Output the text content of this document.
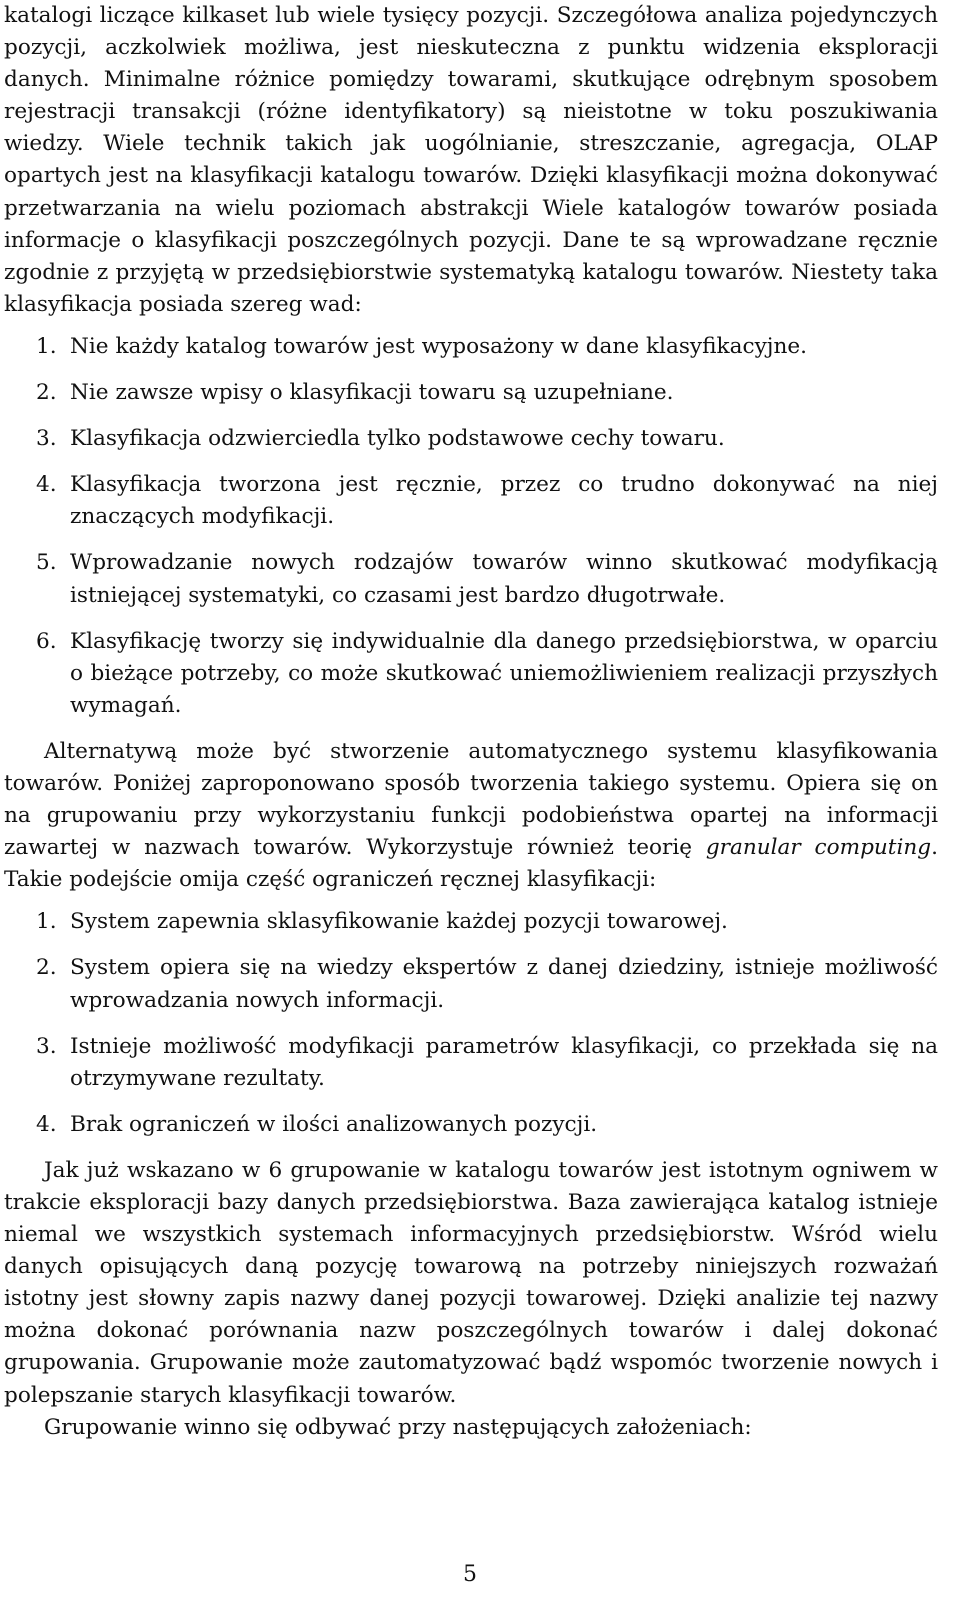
katalogi liczące kilkaset lub wiele tysięcy pozycji. Szczegółowa analiza pojedynczych pozycji, aczkolwiek możliwa, jest nieskuteczna z punktu widzenia eksploracji danych. Minimalne różnice pomiędzy towarami, skutkujące odrębnym sposobem rejestracji transakcji (różne identyfikatory) są nieistotne w toku poszukiwania wiedzy. Wiele technik takich jak uogólnianie, streszczanie, agregacja, OLAP opartych jest na klasyfikacji katalogu towarów. Dzięki klasyfikacji można dokonywać przetwarzania na wielu poziomach abstrakcji Wiele katalogów towarów posiada informacje o klasyfikacji poszczególnych pozycji. Dane te są wprowadzane ręcznie zgodnie z przyjętą w przedsiębiorstwie systematyką katalogu towarów. Niestety taka klasyfikacja posiada szereg wad:

1. Nie każdy katalog towarów jest wyposażony w dane klasyfikacyjne.
2. Nie zawsze wpisy o klasyfikacji towaru są uzupełniane.
3. Klasyfikacja odzwierciedla tylko podstawowe cechy towaru.
4. Klasyfikacja tworzona jest ręcznie, przez co trudno dokonywać na niej znaczących modyfikacji.
5. Wprowadzanie nowych rodzajów towarów winno skutkować modyfikacją istniejącej systematyki, co czasami jest bardzo długotrwałe.
6. Klasyfikację tworzy się indywidualnie dla danego przedsiębiorstwa, w oparciu o bieżące potrzeby, co może skutkować uniemożliwieniem realizacji przyszłych wymagań.

Alternatywą może być stworzenie automatycznego systemu klasyfikowania towarów. Poniżej zaproponowano sposób tworzenia takiego systemu. Opiera się on na grupowaniu przy wykorzystaniu funkcji podobieństwa opartej na informacji zawartej w nazwach towarów. Wykorzystuje również teorię granular computing. Takie podejście omija część ograniczeń ręcznej klasyfikacji:

1. System zapewnia sklasyfikowanie każdej pozycji towarowej.
2. System opiera się na wiedzy ekspertów z danej dziedziny, istnieje możliwość wprowadzania nowych informacji.
3. Istnieje możliwość modyfikacji parametrów klasyfikacji, co przekłada się na otrzymywane rezultaty.
4. Brak ograniczeń w ilości analizowanych pozycji.

Jak już wskazano w 6 grupowanie w katalogu towarów jest istotnym ogniwem w trakcie eksploracji bazy danych przedsiębiorstwa. Baza zawierająca katalog istnieje niemal we wszystkich systemach informacyjnych przedsiębiorstw. Wśród wielu danych opisujących daną pozycję towarową na potrzeby niniejszych rozważań istotny jest słowny zapis nazwy danej pozycji towarowej. Dzięki analizie tej nazwy można dokonać porównania nazw poszczególnych towarów i dalej dokonać grupowania. Grupowanie może zautomatyzować bądź wspomóc tworzenie nowych i polepszanie starych klasyfikacji towarów.

Grupowanie winno się odbywać przy następujących założeniach:

5
